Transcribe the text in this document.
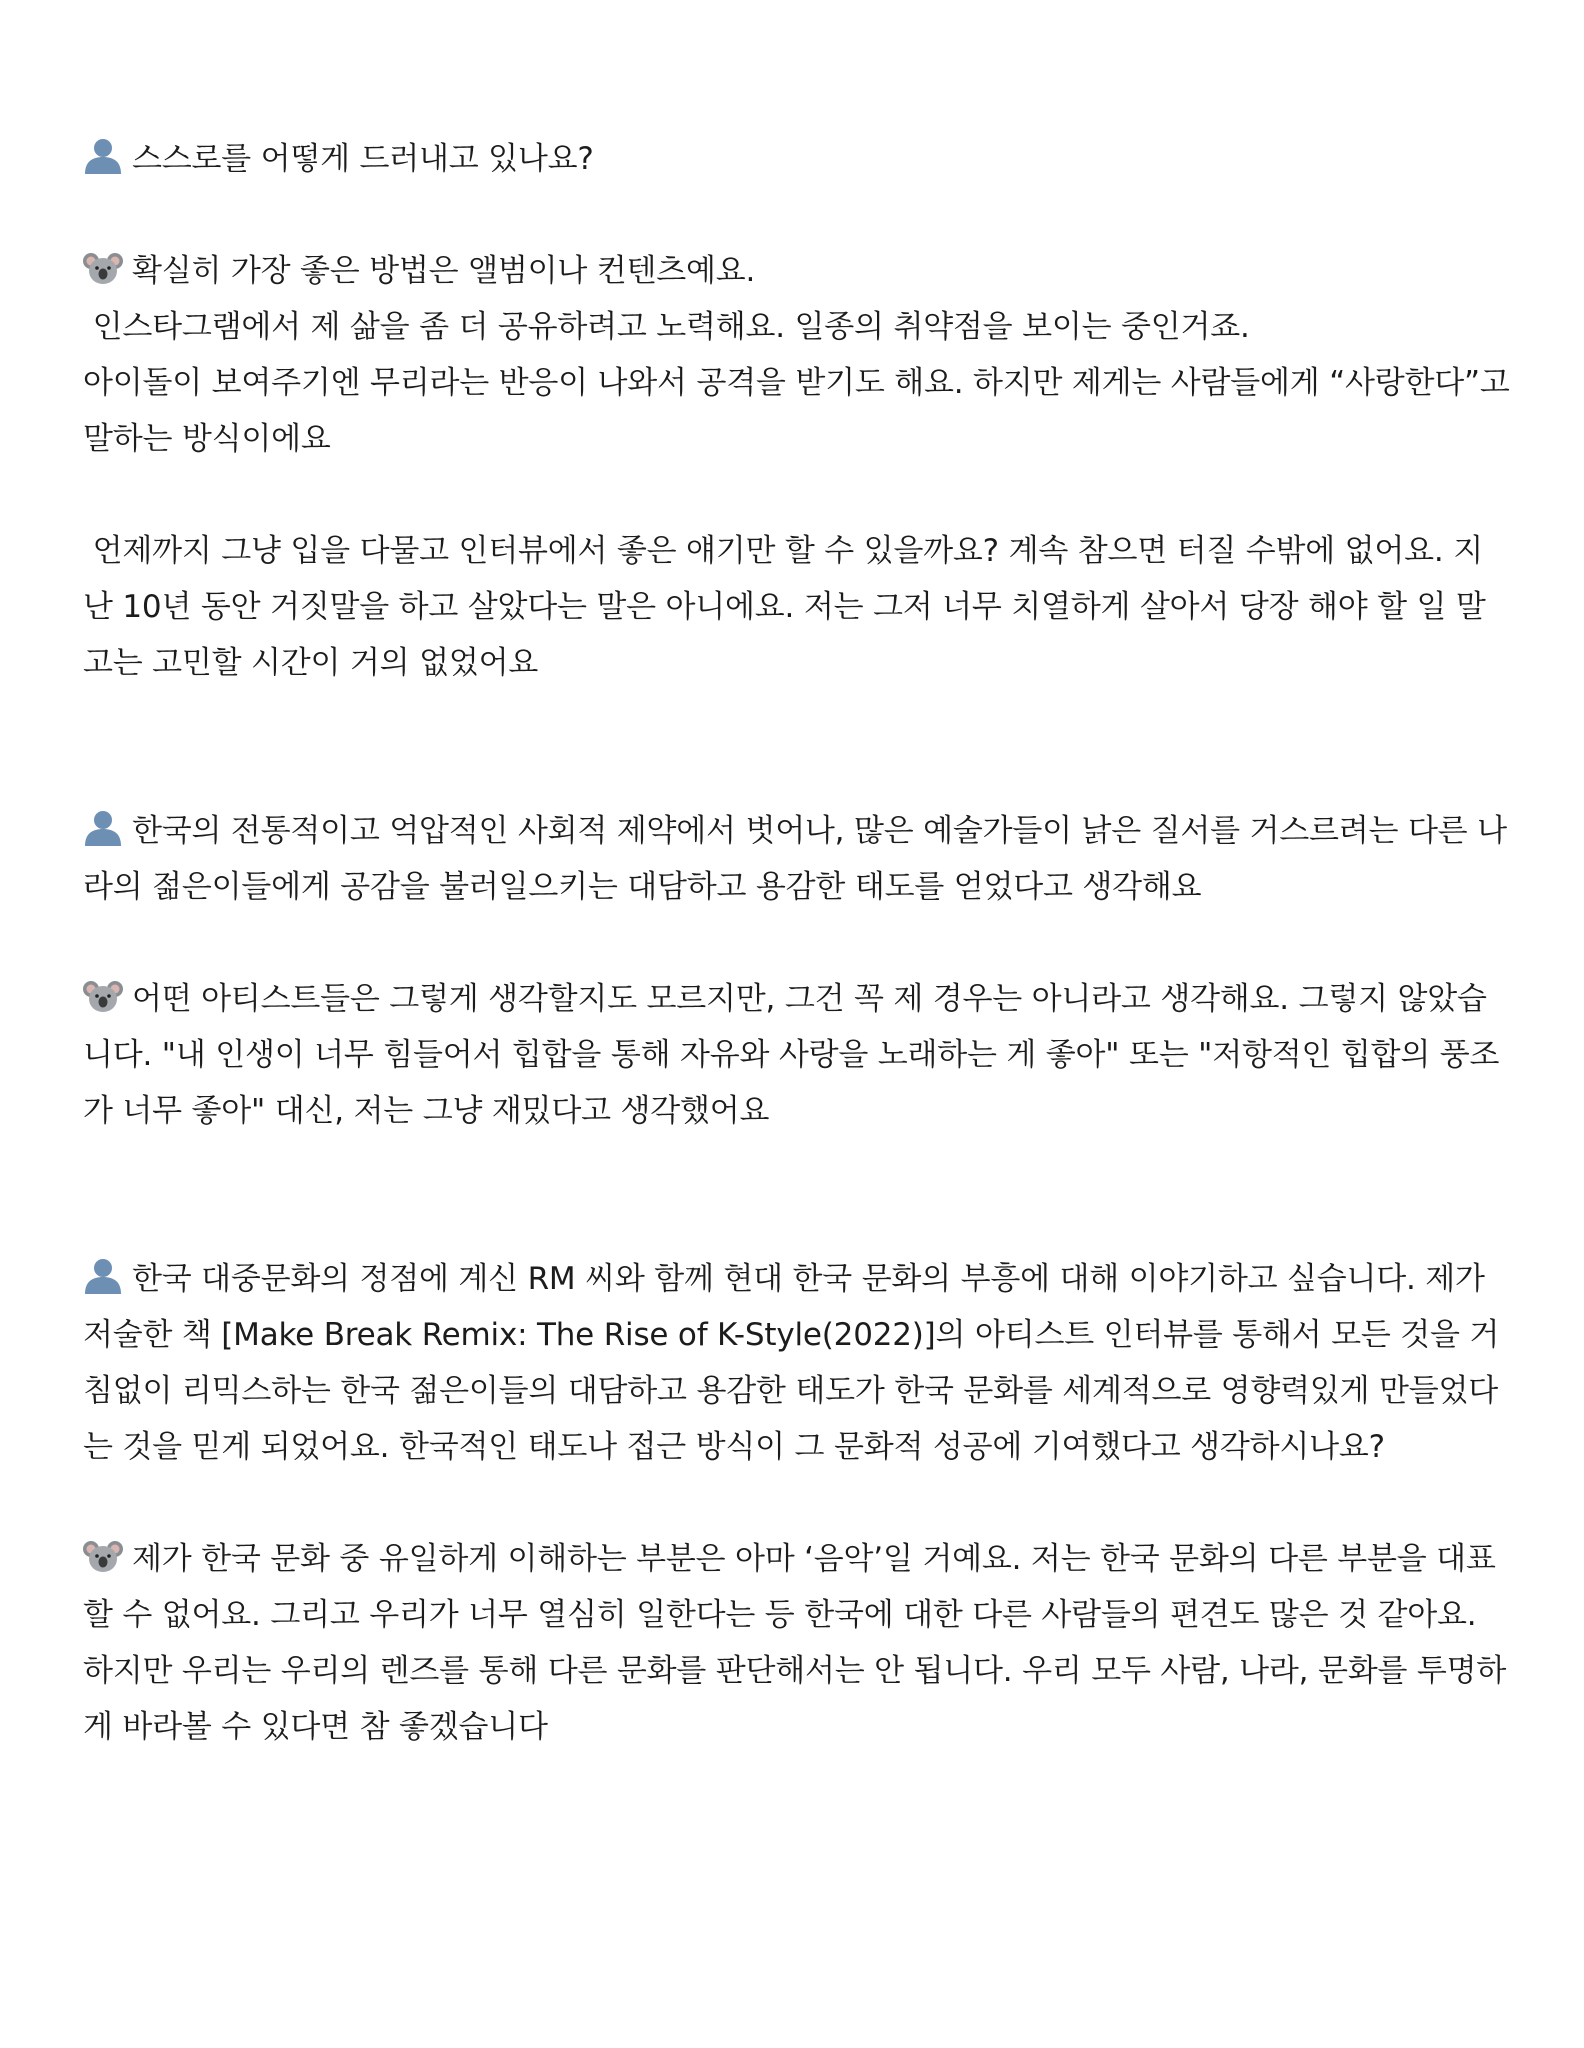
스스로를 어떻게 드러내고 있나요?
확실히 가장 좋은 방법은 앨범이나 컨텐츠예요.
인스타그램에서 제 삶을 좀 더 공유하려고 노력해요. 일종의 취약점을 보이는 중인거죠.
아이돌이 보여주기엔 무리라는 반응이 나와서 공격을 받기도 해요. 하지만 제게는 사람들에게 “사랑한다”고
말하는 방식이에요
언제까지 그냥 입을 다물고 인터뷰에서 좋은 얘기만 할 수 있을까요? 계속 참으면 터질 수밖에 없어요. 지
난 10년 동안 거짓말을 하고 살았다는 말은 아니에요. 저는 그저 너무 치열하게 살아서 당장 해야 할 일 말
고는 고민할 시간이 거의 없었어요
한국의 전통적이고 억압적인 사회적 제약에서 벗어나, 많은 예술가들이 낡은 질서를 거스르려는 다른 나
라의 젊은이들에게 공감을 불러일으키는 대담하고 용감한 태도를 얻었다고 생각해요
어떤 아티스트들은 그렇게 생각할지도 모르지만, 그건 꼭 제 경우는 아니라고 생각해요. 그렇지 않았습
니다. "내 인생이 너무 힘들어서 힙합을 통해 자유와 사랑을 노래하는 게 좋아" 또는 "저항적인 힙합의 풍조
가 너무 좋아" 대신, 저는 그냥 재밌다고 생각했어요
한국 대중문화의 정점에 계신 RM 씨와 함께 현대 한국 문화의 부흥에 대해 이야기하고 싶습니다. 제가
저술한 책 [Make Break Remix: The Rise of K-Style(2022)]의 아티스트 인터뷰를 통해서 모든 것을 거
침없이 리믹스하는 한국 젊은이들의 대담하고 용감한 태도가 한국 문화를 세계적으로 영향력있게 만들었다
는 것을 믿게 되었어요. 한국적인 태도나 접근 방식이 그 문화적 성공에 기여했다고 생각하시나요?
제가 한국 문화 중 유일하게 이해하는 부분은 아마 ‘음악’일 거예요. 저는 한국 문화의 다른 부분을 대표
할 수 없어요. 그리고 우리가 너무 열심히 일한다는 등 한국에 대한 다른 사람들의 편견도 많은 것 같아요.
하지만 우리는 우리의 렌즈를 통해 다른 문화를 판단해서는 안 됩니다. 우리 모두 사람, 나라, 문화를 투명하
게 바라볼 수 있다면 참 좋겠습니다
